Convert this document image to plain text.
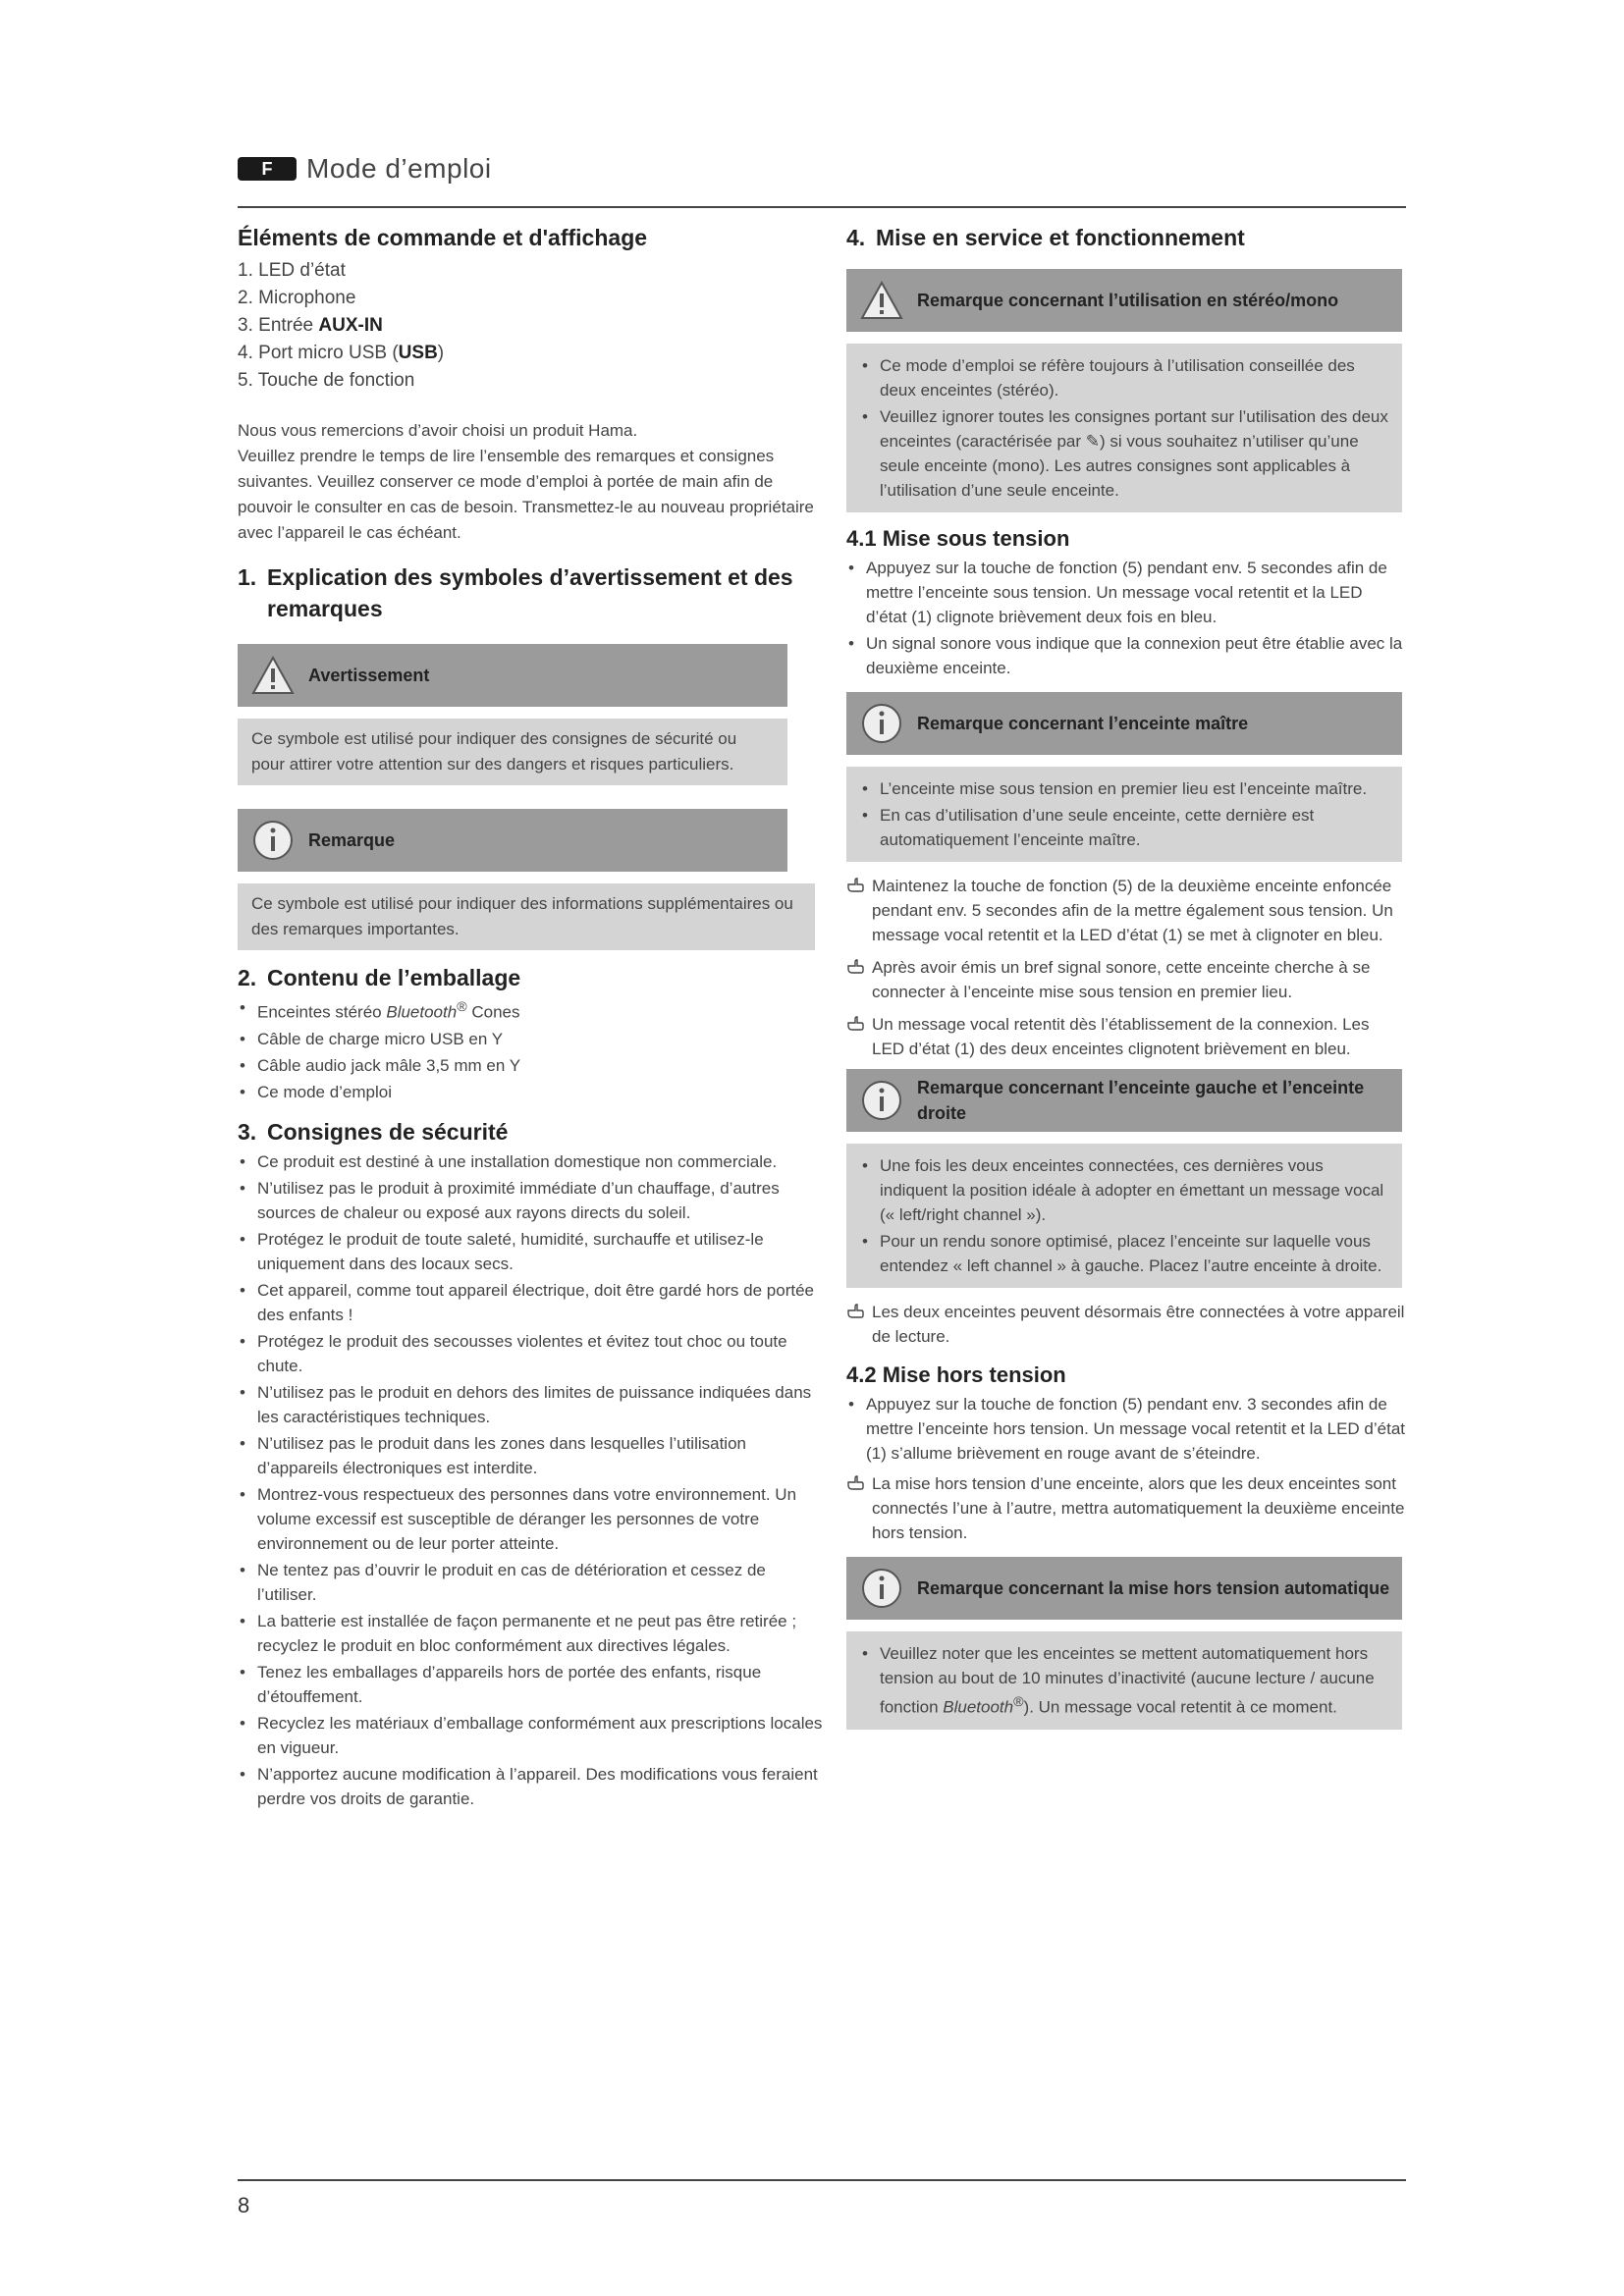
F	Mode d’emploi
Éléments de commande et d'affichage
1. LED d’état
2. Microphone
3. Entrée AUX-IN
4. Port micro USB (USB)
5. Touche de fonction

Nous vous remercions d’avoir choisi un produit Hama.

Veuillez prendre le temps de lire l’ensemble des remarques et consignes suivantes. Veuillez conserver ce mode d’emploi à portée de main afin de pouvoir le consulter en cas de besoin. Transmettez-le au nouveau propriétaire avec l’appareil le cas échéant.

1. Explication des symboles d’avertissement et des remarques
Avertissement

Ce symbole est utilisé pour indiquer des consignes de sécurité ou pour attirer votre attention sur des dangers et risques particuliers.

Remarque

Ce symbole est utilisé pour indiquer des informations supplémentaires ou des remarques importantes.

2. Contenu de l’emballage
• Enceintes stéréo Bluetooth® Cones
• Câble de charge micro USB en Y
• Câble audio jack mâle 3,5 mm en Y
• Ce mode d’emploi
3. Consignes de sécurité
• Ce produit est destiné à une installation domestique non commerciale.
• N’utilisez pas le produit à proximité immédiate d’un chauffage, d’autres sources de chaleur ou exposé aux rayons directs du soleil.
• Protégez le produit de toute saleté, humidité, surchauffe et utilisez-le uniquement dans des locaux secs.
• Cet appareil, comme tout appareil électrique, doit être gardé hors de portée des enfants !
• Protégez le produit des secousses violentes et évitez tout choc ou toute chute.
• N’utilisez pas le produit en dehors des limites de puissance indiquées dans les caractéristiques techniques.
• N’utilisez pas le produit dans les zones dans lesquelles l’utilisation d’appareils électroniques est interdite.
• Montrez-vous respectueux des personnes dans votre environnement. Un volume excessif est susceptible de déranger les personnes de votre environnement ou de leur porter atteinte.
• Ne tentez pas d’ouvrir le produit en cas de détérioration et cessez de l’utiliser.
• La batterie est installée de façon permanente et ne peut pas être retirée ; recyclez le produit en bloc conformément aux directives légales.
• Tenez les emballages d’appareils hors de portée des enfants, risque d’étouffement.
• Recyclez les matériaux d’emballage conformément aux prescriptions locales en vigueur.
• N’apportez aucune modification à l’appareil. Des modifications vous feraient perdre vos droits de garantie.
4. Mise en service et fonctionnement
Remarque concernant l’utilisation en stéréo/mono
• Ce mode d’emploi se réfère toujours à l’utilisation conseillée des deux enceintes (stéréo).
• Veuillez ignorer toutes les consignes portant sur l’utilisation des deux enceintes (caractérisée par ✎) si vous souhaitez n’utiliser qu’une seule enceinte (mono). Les autres consignes sont applicables à l’utilisation d’une seule enceinte.
4.1 Mise sous tension
• Appuyez sur la touche de fonction (5) pendant env. 5 secondes afin de mettre l’enceinte sous tension. Un message vocal retentit et la LED d’état (1) clignote brièvement deux fois en bleu.
• Un signal sonore vous indique que la connexion peut être établie avec la deuxième enceinte.
Remarque concernant l’enceinte maître
• L’enceinte mise sous tension en premier lieu est l’enceinte maître.
• En cas d’utilisation d’une seule enceinte, cette dernière est automatiquement l’enceinte maître.
Maintenez la touche de fonction (5) de la deuxième enceinte enfoncée pendant env. 5 secondes afin de la mettre également sous tension. Un message vocal retentit et la LED d’état (1) se met à clignoter en bleu.
Après avoir émis un bref signal sonore, cette enceinte cherche à se connecter à l’enceinte mise sous tension en premier lieu.
Un message vocal retentit dès l’établissement de la connexion. Les LED d’état (1) des deux enceintes clignotent brièvement en bleu.
Remarque concernant l’enceinte gauche et l’enceinte droite
• Une fois les deux enceintes connectées, ces dernières vous indiquent la position idéale à adopter en émettant un message vocal (« left/right channel »).
• Pour un rendu sonore optimisé, placez l’enceinte sur laquelle vous entendez « left channel » à gauche. Placez l’autre enceinte à droite.
Les deux enceintes peuvent désormais être connectées à votre appareil de lecture.
4.2 Mise hors tension
• Appuyez sur la touche de fonction (5) pendant env. 3 secondes afin de mettre l’enceinte hors tension. Un message vocal retentit et la LED d’état (1) s’allume brièvement en rouge avant de s’éteindre.
La mise hors tension d’une enceinte, alors que les deux enceintes sont connectés l’une à l’autre, mettra automatiquement la deuxième enceinte hors tension.
Remarque concernant la mise hors tension automatique
• Veuillez noter que les enceintes se mettent automatiquement hors tension au bout de 10 minutes d’inactivité (aucune lecture / aucune fonction Bluetooth®). Un message vocal retentit à ce moment.
8
